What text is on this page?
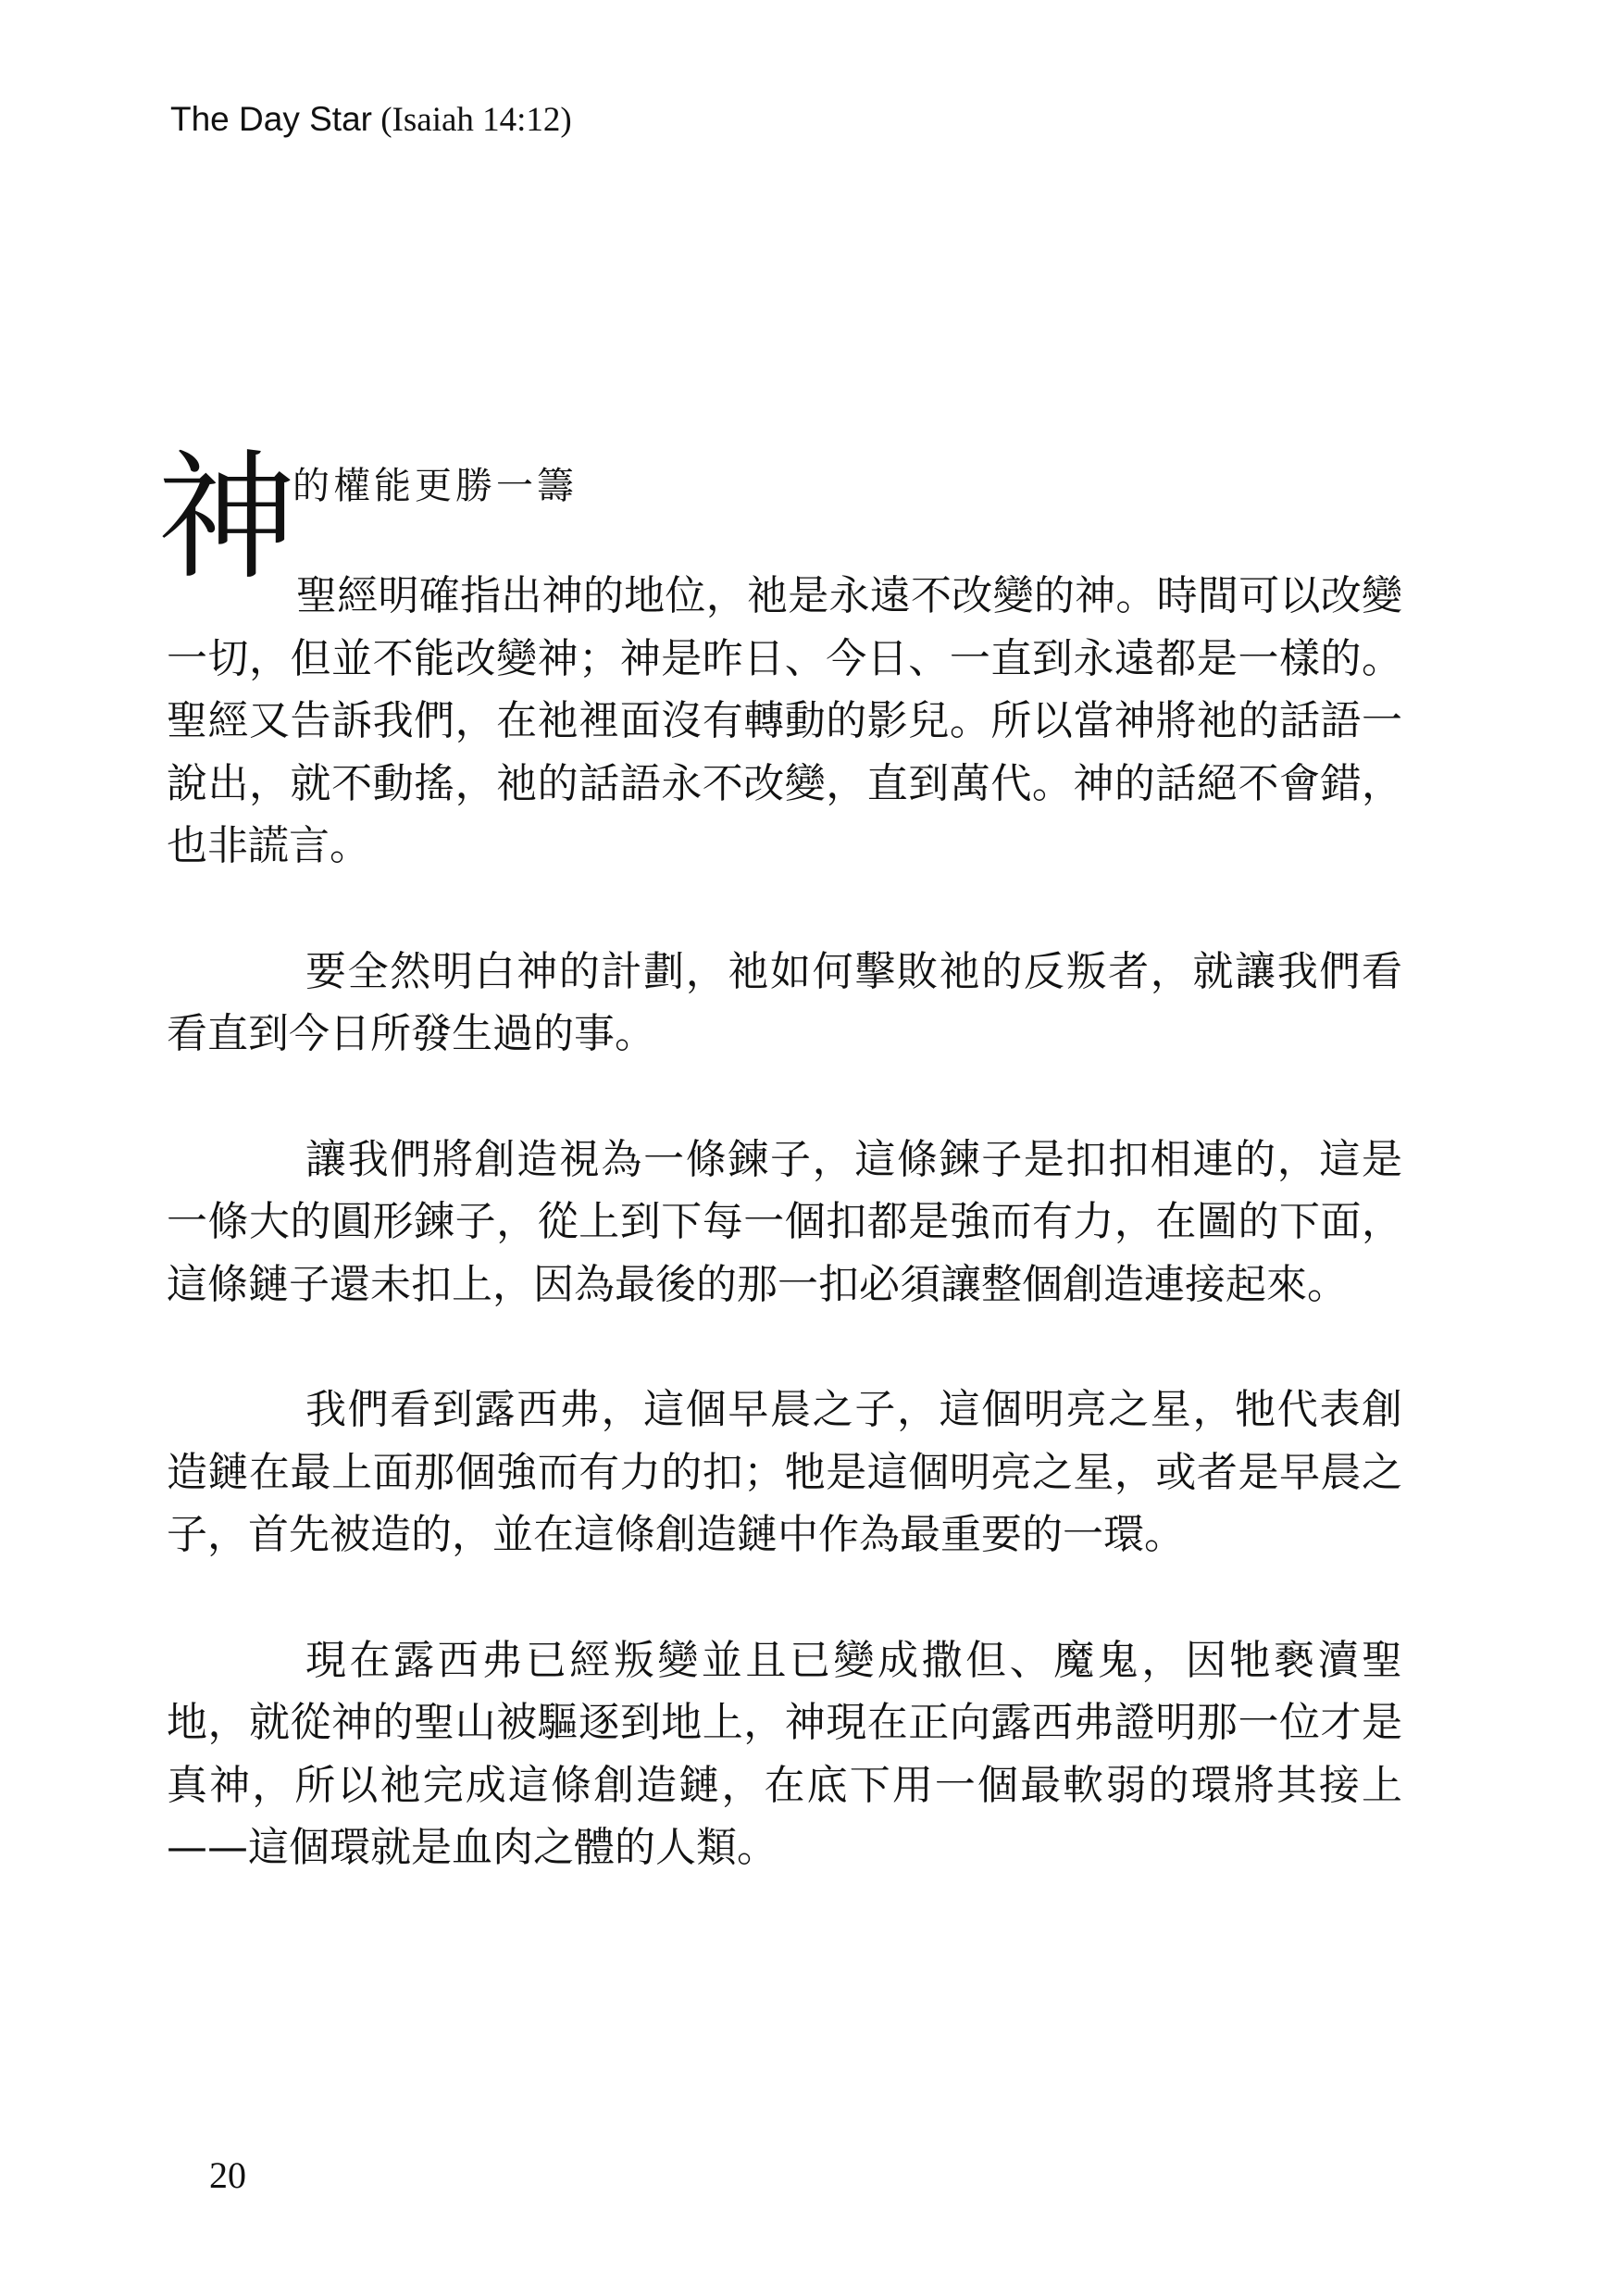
The Day Star (Isaiah 14:12)
神
的權能更勝一籌

聖經明確指出神的地位，祂是永遠不改變的神。時間可以改變一切，但並不能改變神；神是昨日、今日、一直到永遠都是一樣的。聖經又告訴我們，在祂裡面沒有轉動的影兒。所以當神將祂的話語一說出，就不動搖，祂的話語永不改變，直到萬代。神的話絕不會錯，也非謊言。

要全然明白神的計劃，祂如何擊敗祂的反叛者，就讓我們看看直到今日所發生過的事。

讓我們將創造視為一條鍊子，這條鍊子是扣扣相連的，這是一條大的圓形鍊子，從上到下每一個扣都是強而有力，在圖的下面，這條鏈子還未扣上，因為最後的那一扣必須讓整個創造連接起來。

我們看到露西弗，這個早晨之子，這個明亮之星，牠代表創造鏈在最上面那個強而有力的扣；牠是這個明亮之星，或者是早晨之子，首先被造的，並在這條創造鏈中作為最重要的一環。

現在露西弗已經叛變並且已變成撒但、魔鬼，因牠褻瀆聖地，就從神的聖山被驅逐到地上，神現在正向露西弗證明那一位才是真神，所以祂完成這條創造鏈，在底下用一個最軟弱的環將其接上——這個環就是血肉之體的人類。

20
